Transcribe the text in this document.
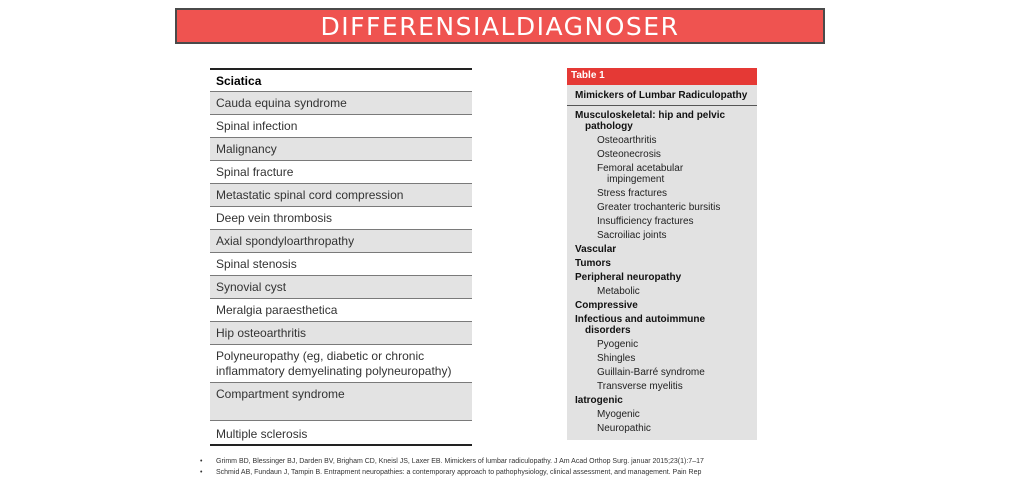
DIFFERENSIALDIAGNOSER
Sciatica
Cauda equina syndrome
Spinal infection
Malignancy
Spinal fracture
Metastatic spinal cord compression
Deep vein thrombosis
Axial spondyloarthropathy
Spinal stenosis
Synovial cyst
Meralgia paraesthetica
Hip osteoarthritis
Polyneuropathy (eg, diabetic or chronic inflammatory demyelinating polyneuropathy)
Compartment syndrome
Multiple sclerosis
Table 1
Mimickers of Lumbar Radiculopathy
Musculoskeletal: hip and pelvic
pathology
Osteoarthritis
Osteonecrosis
Femoral acetabular
impingement
Stress fractures
Greater trochanteric bursitis
Insufficiency fractures
Sacroiliac joints
Vascular
Tumors
Peripheral neuropathy
Metabolic
Compressive
Infectious and autoimmune
disorders
Pyogenic
Shingles
Guillain-Barré syndrome
Transverse myelitis
Iatrogenic
Myogenic
Neuropathic
•	Grimm BD, Blessinger BJ, Darden BV, Brigham CD, Kneisl JS, Laxer EB. Mimickers of lumbar radiculopathy. J Am Acad Orthop Surg. januar 2015;23(1):7–17
•	Schmid AB, Fundaun J, Tampin B. Entrapment neuropathies: a contemporary approach to pathophysiology, clinical assessment, and management. Pain Rep
